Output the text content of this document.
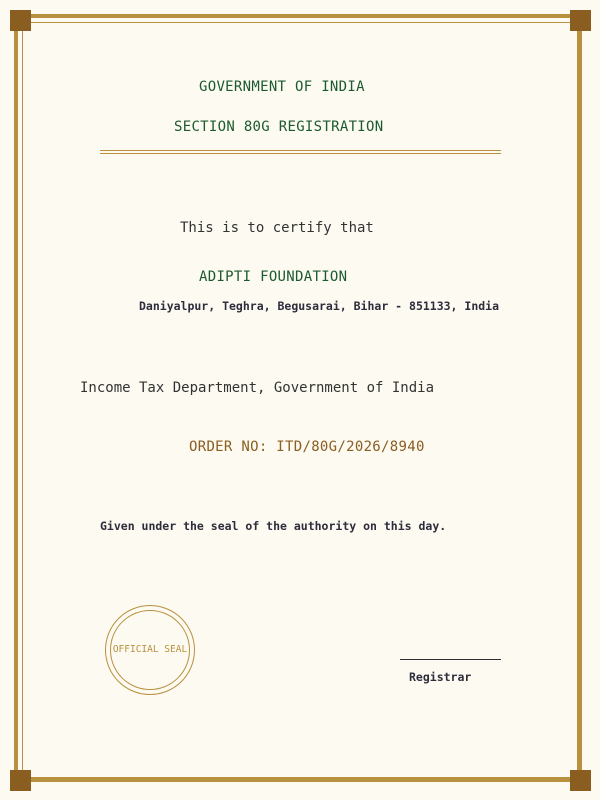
GOVERNMENT OF INDIA
SECTION 80G REGISTRATION
This is to certify that
ADIPTI FOUNDATION
Daniyalpur, Teghra, Begusarai, Bihar - 851133, India
Income Tax Department, Government of India
ORDER NO: ITD/80G/2026/8940
Given under the seal of the authority on this day.
OFFICIAL SEAL
Registrar
